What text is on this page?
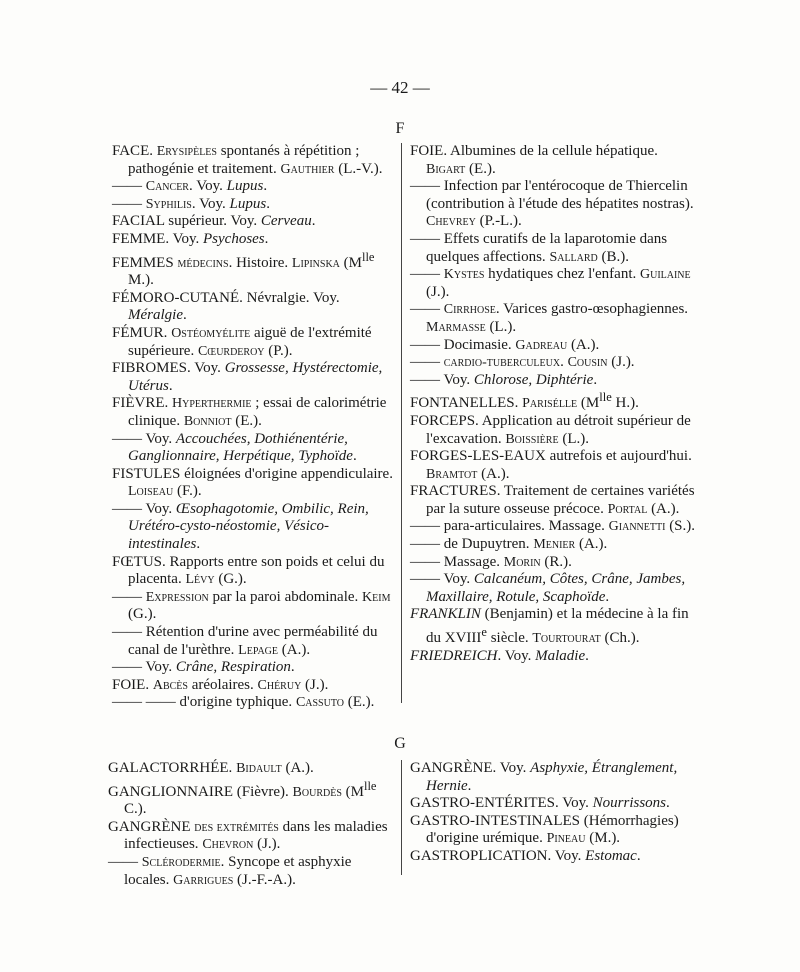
— 42 —
F

FACE. Erysipèles spontanés à répétition ; pathogénie et traitement. Gauthier (L.-V.).

—— Cancer. Voy. Lupus.

—— Syphilis. Voy. Lupus.

FACIAL supérieur. Voy. Cerveau.

FEMME. Voy. Psychoses.

FEMMES médecins. Histoire. Lipinska ($M^{lle}$ M.).

FÉMORO-CUTANÉ. Névralgie. Voy. Méralgie.

FÉMUR. Ostéomyélite aiguë de l'extrémité supérieure. Cœurderoy (P.).

FIBROMES. Voy. Grossesse, Hystérectomie, Utérus.

FIÈVRE. Hyperthermie ; essai de calorimétrie clinique. Bonniot (E.).

—— Voy. Accouchées, Dothiénentérie, Ganglionnaire, Herpétique, Typhoïde.

FISTULES éloignées d'origine appendiculaire. Loiseau (F.).

—— Voy. Œsophagotomie, Ombilic, Rein, Urétéro-cysto-néostomie, Vésico-intestinales.

FŒTUS. Rapports entre son poids et celui du placenta. Lévy (G.).

—— Expression par la paroi abdominale. Keim (G.).

—— Rétention d'urine avec perméabilité du canal de l'urèthre. Lepage (A.).

—— Voy. Crâne, Respiration.

FOIE. Abcès aréolaires. Chéruy (J.).

—— —— d'origine typhique. Cassuto (E.).

FOIE. Albumines de la cellule hépatique. Bigart (E.).

—— Infection par l'entérocoque de Thiercelin (contribution à l'étude des hépatites nostras). Chevrey (P.-L.).

—— Effets curatifs de la laparotomie dans quelques affections. Sallard (B.).

—— Kystes hydatiques chez l'enfant. Guilaine (J.).

—— Cirrhose. Varices gastro-œsophagiennes. Marmasse (L.).

—— Docimasie. Gadreau (A.).

—— cardio-tuberculeux. Cousin (J.).

—— Voy. Chlorose, Diphtérie.

FONTANELLES. Parisélle ($M^{lle}$ H.).

FORCEPS. Application au détroit supérieur de l'excavation. Boissière (L.).

FORGES-LES-EAUX autrefois et aujourd'hui. Bramtot (A.).

FRACTURES. Traitement de certaines variétés par la suture osseuse précoce. Portal (A.).

—— para-articulaires. Massage. Giannetti (S.).

—— de Dupuytren. Menier (A.).

—— Massage. Morin (R.).

—— Voy. Calcanéum, Côtes, Crâne, Jambes, Maxillaire, Rotule, Scaphoïde.

FRANKLIN (Benjamin) et la médecine à la fin du XVIIIe siècle. Tourtourat (Ch.).

FRIEDREICH. Voy. Maladie.

G

GALACTORRHÉE. Bidault (A.).

GANGLIONNAIRE (Fièvre). Bourdès ($M^{lle}$ C.).

GANGRÈNE des extrémités dans les maladies infectieuses. Chevron (J.).

—— Sclérodermie. Syncope et asphyxie locales. Garrigues (J.-F.-A.).

GANGRÈNE. Voy. Asphyxie, Étranglement, Hernie.

GASTRO-ENTÉRITES. Voy. Nourrissons.

GASTRO-INTESTINALES (Hémorrhagies) d'origine urémique. Pineau (M.).

GASTROPLICATION. Voy. Estomac.
